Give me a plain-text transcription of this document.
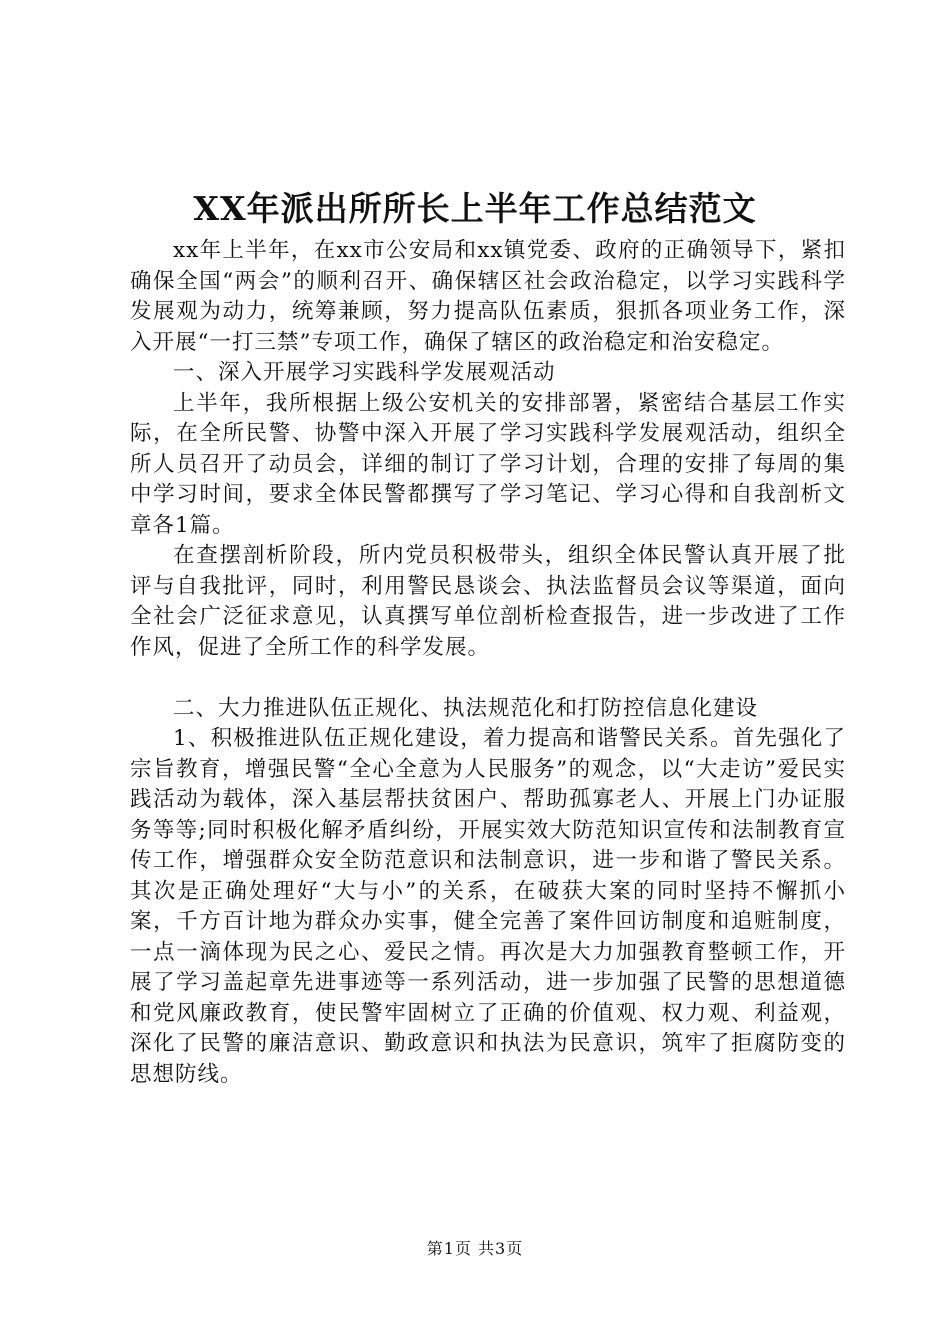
XX年派出所所长上半年工作总结范文

xx年上半年，在xx市公安局和xx镇党委、政府的正确领导下，紧扣确保全国“两会”的顺利召开、确保辖区社会政治稳定，以学习实践科学发展观为动力，统筹兼顾，努力提高队伍素质，狠抓各项业务工作，深入开展“一打三禁”专项工作，确保了辖区的政治稳定和治安稳定。

一、深入开展学习实践科学发展观活动

上半年，我所根据上级公安机关的安排部署，紧密结合基层工作实际，在全所民警、协警中深入开展了学习实践科学发展观活动，组织全所人员召开了动员会，详细的制订了学习计划，合理的安排了每周的集中学习时间，要求全体民警都撰写了学习笔记、学习心得和自我剖析文章各1篇。

在查摆剖析阶段，所内党员积极带头，组织全体民警认真开展了批评与自我批评，同时，利用警民恳谈会、执法监督员会议等渠道，面向全社会广泛征求意见，认真撰写单位剖析检查报告，进一步改进了工作作风，促进了全所工作的科学发展。

二、大力推进队伍正规化、执法规范化和打防控信息化建设

1、积极推进队伍正规化建设，着力提高和谐警民关系。首先强化了宗旨教育，增强民警“全心全意为人民服务”的观念，以“大走访”爱民实践活动为载体，深入基层帮扶贫困户、帮助孤寡老人、开展上门办证服务等等;同时积极化解矛盾纠纷，开展实效大防范知识宣传和法制教育宣传工作，增强群众安全防范意识和法制意识，进一步和谐了警民关系。其次是正确处理好“大与小”的关系，在破获大案的同时坚持不懈抓小案，千方百计地为群众办实事，健全完善了案件回访制度和追赃制度，一点一滴体现为民之心、爱民之情。再次是大力加强教育整顿工作，开展了学习盖起章先进事迹等一系列活动，进一步加强了民警的思想道德和党风廉政教育，使民警牢固树立了正确的价值观、权力观、利益观，深化了民警的廉洁意识、勤政意识和执法为民意识，筑牢了拒腐防变的思想防线。

第1页 共3页
